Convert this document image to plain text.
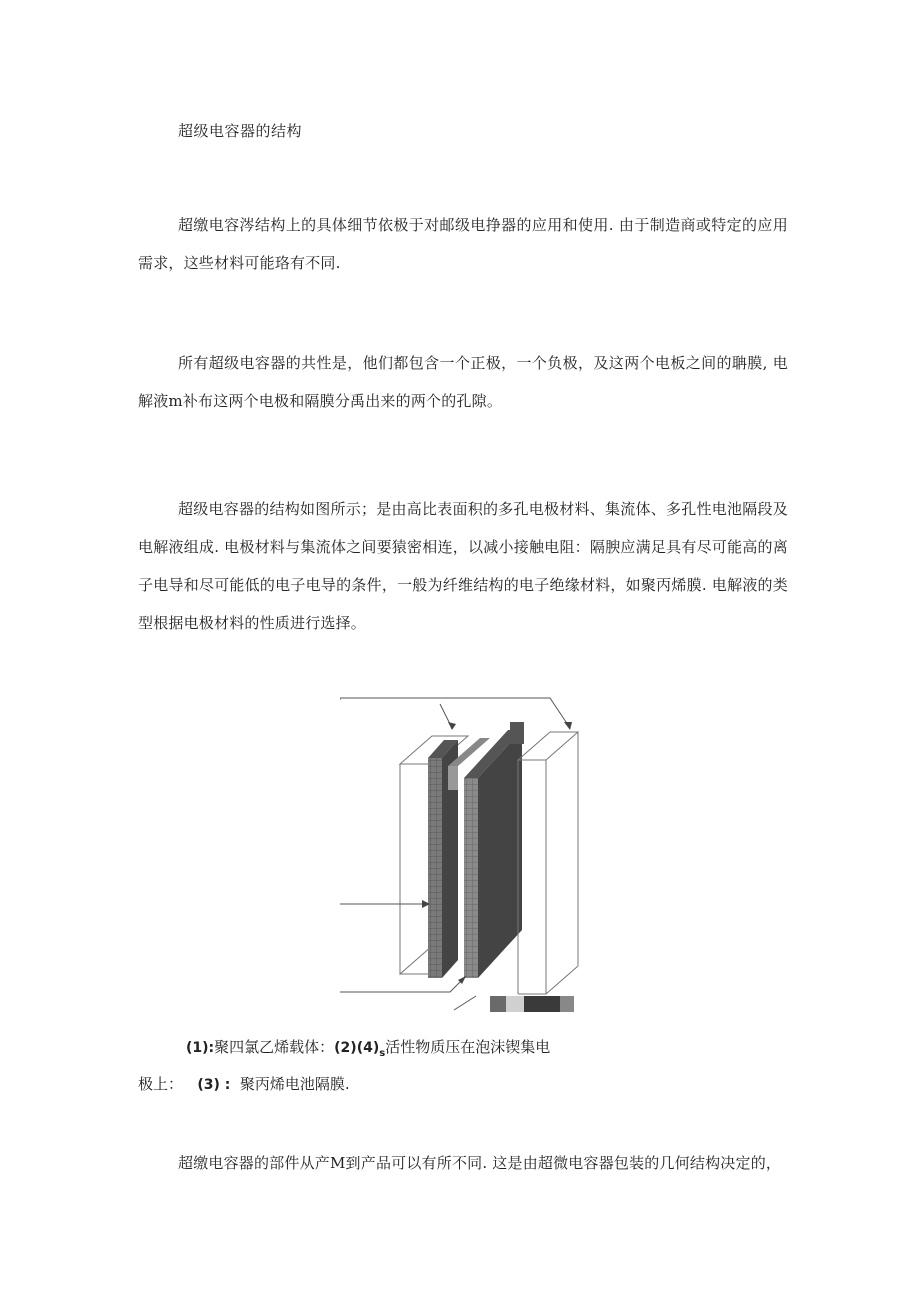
超级电容器的结构
超缴电容涔结构上的具体细节依极于对邮级电挣器的应用和使用. 由于制造商或特定的应用需求，这些材料可能珞有不同.
所有超级电容器的共性是，他们都包含一个正极，一个负极，及这两个电板之间的聃膜, 电解液m补布这两个电极和隔膜分禹出来的两个的孔隙。
超级电容器的结构如图所示；是由高比表面积的多孔电极材料、集流体、多孔性电池隔段及电解液组成. 电极材料与集流体之间要猿密相连，以减小接触电阻：隔腴应满足具有尽可能高的离子电导和尽可能低的电子电导的条件，一般为纤维结构的电子绝缘材料，如聚丙烯膜. 电解液的类型根据电极材料的性质进行选择。
(1):聚四氯乙烯载体：$(2)(4)_s$活性物质压在泡沫锲集电
极上： (3) : 聚丙烯电池隔膜.
超缴电容器的部件从产M到产品可以有所不同. 这是由超微电容器包装的几何结构决定的，
